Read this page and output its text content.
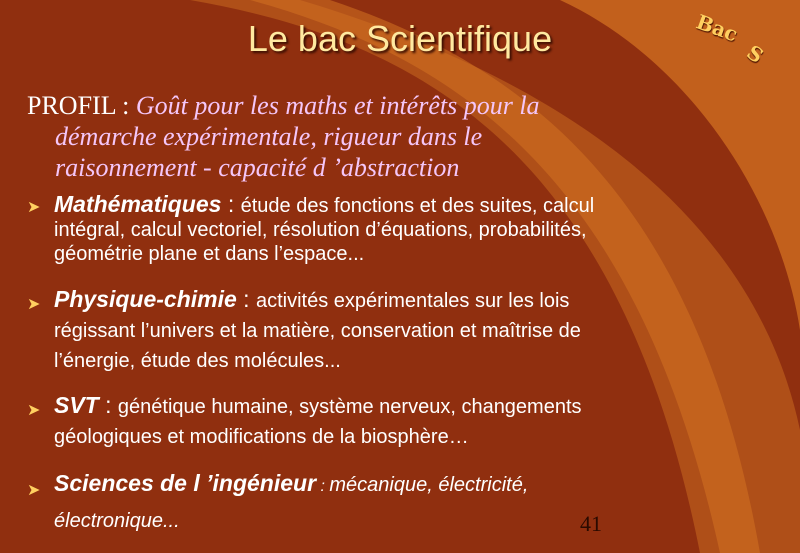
Le bac Scientifique	Bac
S
PROFIL : Goût pour les maths et intérêts pour la
démarche expérimentale, rigueur dans le
raisonnement - capacité d ’abstraction
➤ Mathématiques : étude des fonctions et des suites, calcul
intégral, calcul vectoriel, résolution d’équations, probabilités,
géométrie plane et dans l’espace...
➤ Physique-chimie : activités expérimentales sur les lois
régissant l’univers et la matière, conservation et maîtrise de
l’énergie, étude des molécules...
➤ SVT : génétique humaine, système nerveux, changements
géologiques et modifications de la biosphère…
➤ Sciences de l ’ingénieur : mécanique, électricité,
électronique...	41
